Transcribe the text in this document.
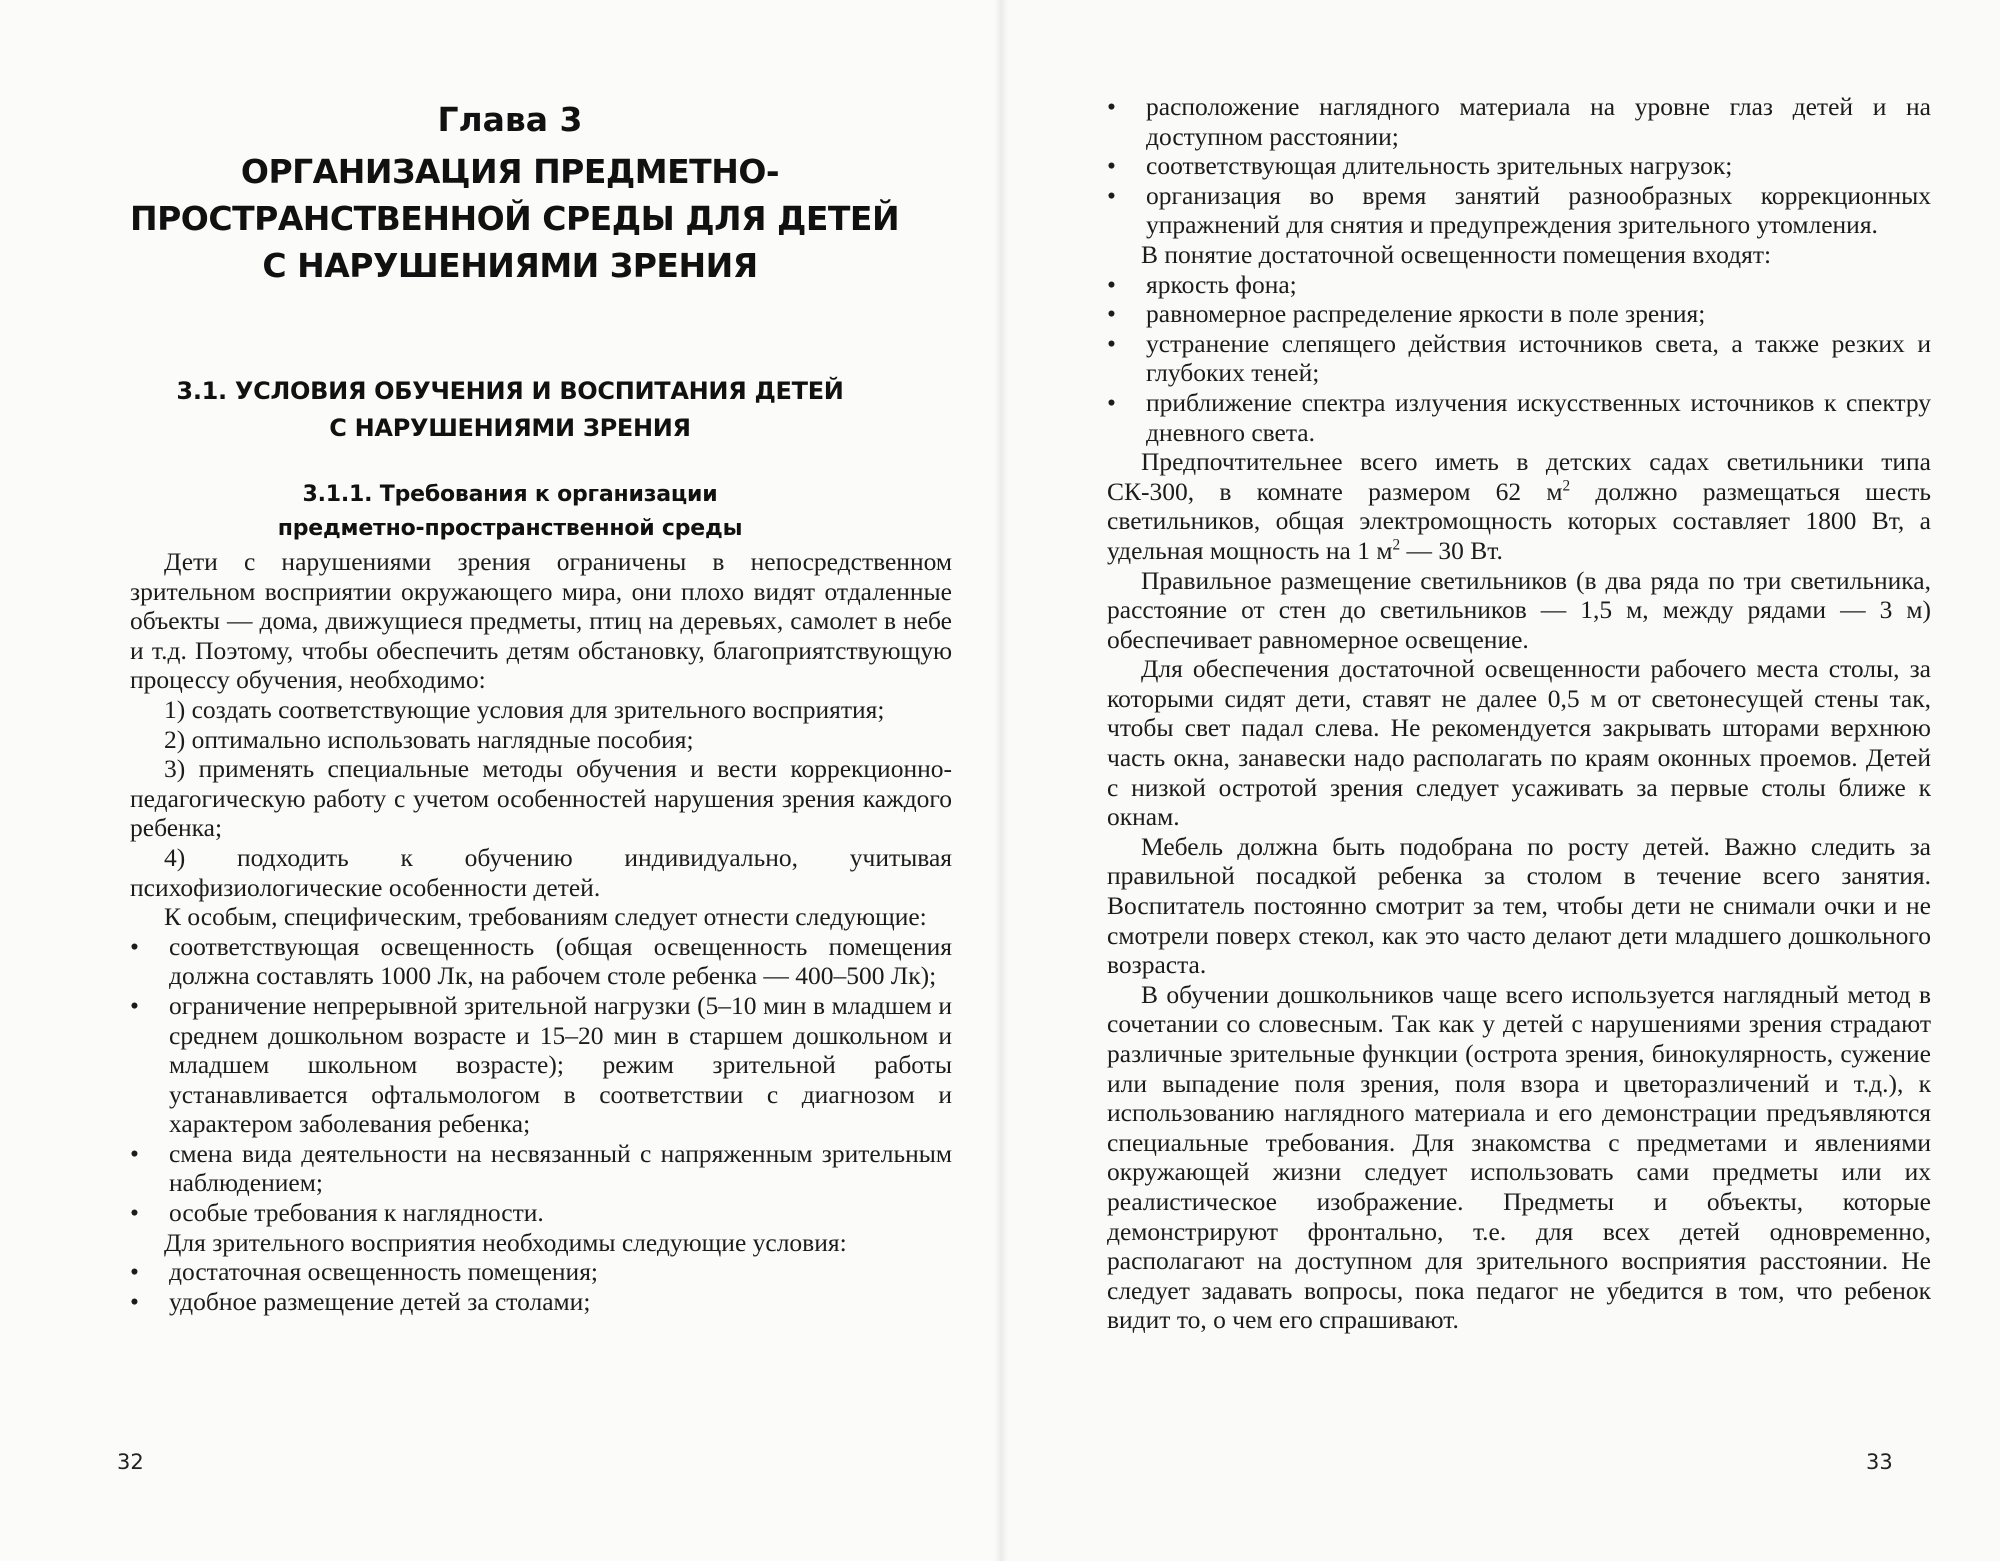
Глава 3
ОРГАНИЗАЦИЯ ПРЕДМЕТНО-
ПРОСТРАНСТВЕННОЙ СРЕДЫ ДЛЯ ДЕТЕЙ
С НАРУШЕНИЯМИ ЗРЕНИЯ
3.1. УСЛОВИЯ ОБУЧЕНИЯ И ВОСПИТАНИЯ ДЕТЕЙ
С НАРУШЕНИЯМИ ЗРЕНИЯ
3.1.1. Требования к организации
предметно-пространственной среды

Дети с нарушениями зрения ограничены в непосредственном зрительном восприятии окружающего мира, они плохо видят отдаленные объекты — дома, движущиеся предметы, птиц на деревьях, самолет в небе и т.д. Поэтому, чтобы обеспечить детям обстановку, благоприятствующую процессу обучения, необходимо:

1) создать соответствующие условия для зрительного восприятия;

2) оптимально использовать наглядные пособия;

3) применять специальные методы обучения и вести коррекционно-педагогическую работу с учетом особенностей нарушения зрения каждого ребенка;

4) подходить к обучению индивидуально, учитывая психофизиологические особенности детей.

К особым, специфическим, требованиям следует отнести следующие:

• соответствующая освещенность (общая освещенность помещения должна составлять 1000 Лк, на рабочем столе ребенка — 400–500 Лк);

• ограничение непрерывной зрительной нагрузки (5–10 мин в младшем и среднем дошкольном возрасте и 15–20 мин в старшем дошкольном и младшем школьном возрасте); режим зрительной работы устанавливается офтальмологом в соответствии с диагнозом и характером заболевания ребенка;

• смена вида деятельности на несвязанный с напряженным зрительным наблюдением;

• особые требования к наглядности.

Для зрительного восприятия необходимы следующие условия:

• достаточная освещенность помещения;

• удобное размещение детей за столами;

32

• расположение наглядного материала на уровне глаз детей и на доступном расстоянии;

• соответствующая длительность зрительных нагрузок;

• организация во время занятий разнообразных коррекционных упражнений для снятия и предупреждения зрительного утомления.

В понятие достаточной освещенности помещения входят:

• яркость фона;

• равномерное распределение яркости в поле зрения;

• устранение слепящего действия источников света, а также резких и глубоких теней;

• приближение спектра излучения искусственных источников к спектру дневного света.

Предпочтительнее всего иметь в детских садах светильники типа СК-300, в комнате размером 62 $м^2$ должно размещаться шесть светильников, общая электромощность которых составляет 1800 Вт, а удельная мощность на 1 $м^2$ — 30 Вт.

Правильное размещение светильников (в два ряда по три светильника, расстояние от стен до светильников — 1,5 м, между рядами — 3 м) обеспечивает равномерное освещение.

Для обеспечения достаточной освещенности рабочего места столы, за которыми сидят дети, ставят не далее 0,5 м от светонесущей стены так, чтобы свет падал слева. Не рекомендуется закрывать шторами верхнюю часть окна, занавески надо располагать по краям оконных проемов. Детей с низкой остротой зрения следует усаживать за первые столы ближе к окнам.

Мебель должна быть подобрана по росту детей. Важно следить за правильной посадкой ребенка за столом в течение всего занятия. Воспитатель постоянно смотрит за тем, чтобы дети не снимали очки и не смотрели поверх стекол, как это часто делают дети младшего дошкольного возраста.

В обучении дошкольников чаще всего используется наглядный метод в сочетании со словесным. Так как у детей с нарушениями зрения страдают различные зрительные функции (острота зрения, бинокулярность, сужение или выпадение поля зрения, поля взора и цветоразличений и т.д.), к использованию наглядного материала и его демонстрации предъявляются специальные требования. Для знакомства с предметами и явлениями окружающей жизни следует использовать сами предметы или их реалистическое изображение. Предметы и объекты, которые демонстрируют фронтально, т.е. для всех детей одновременно, располагают на доступном для зрительного восприятия расстоянии. Не следует задавать вопросы, пока педагог не убедится в том, что ребенок видит то, о чем его спрашивают.

33
